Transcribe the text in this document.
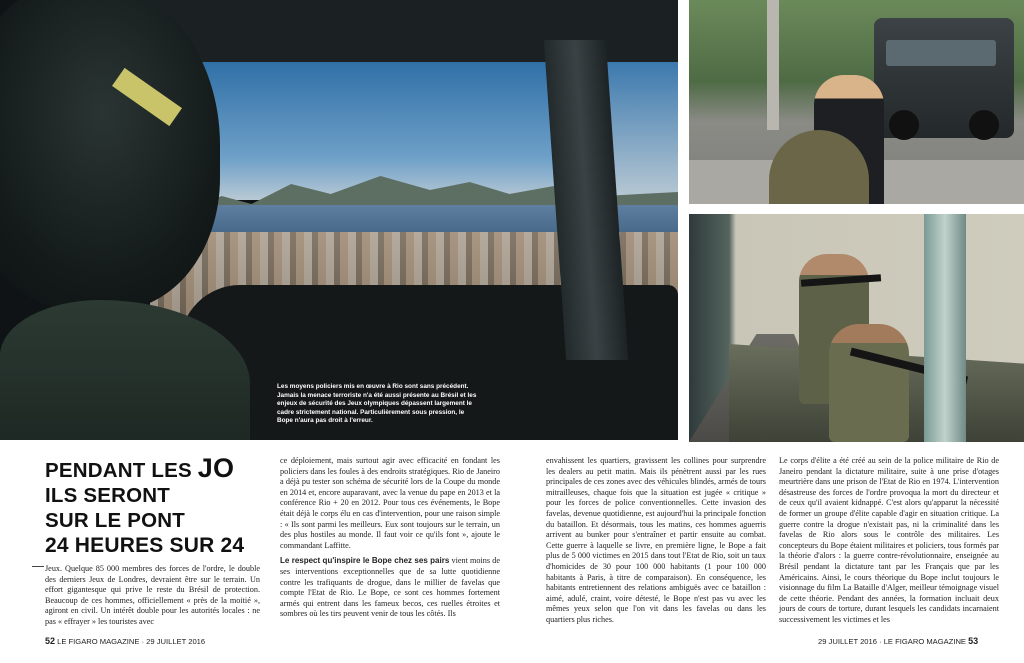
Les moyens policiers mis en œuvre à Rio sont sans précédent. Jamais la menace terroriste n'a été aussi présente au Brésil et les enjeux de sécurité des Jeux olympiques dépassent largement le cadre strictement national. Particulièrement sous pression, le Bope n'aura pas droit à l'erreur.
PENDANT LES JO
ILS SERONT
SUR LE PONT
24 HEURES SUR 24

Jeux. Quelque 85 000 membres des forces de l'ordre, le double des derniers Jeux de Londres, devraient être sur le terrain. Un effort gigantesque qui prive le reste du Brésil de protection. Beaucoup de ces hommes, officiellement « près de la moitié », agiront en civil. Un intérêt double pour les autorités locales : ne pas « effrayer » les touristes avec

ce déploiement, mais surtout agir avec efficacité en fondant les policiers dans les foules à des endroits stratégiques. Rio de Janeiro a déjà pu tester son schéma de sécurité lors de la Coupe du monde en 2014 et, encore auparavant, avec la venue du pape en 2013 et la conférence Rio + 20 en 2012. Pour tous ces événements, le Bope était déjà le corps élu en cas d'intervention, pour une raison simple : « Ils sont parmi les meilleurs. Eux sont toujours sur le terrain, un des plus hostiles au monde. Il faut voir ce qu'ils font », ajoute le commandant Laffitte.

Le respect qu'inspire le Bope chez ses pairs vient moins de ses interventions exceptionnelles que de sa lutte quotidienne contre les trafiquants de drogue, dans le millier de favelas que compte l'Etat de Rio. Le Bope, ce sont ces hommes fortement armés qui entrent dans les fameux becos, ces ruelles étroites et sombres où les tirs peuvent venir de tous les côtés. Ils

envahissent les quartiers, gravissent les collines pour surprendre les dealers au petit matin. Mais ils pénètrent aussi par les rues principales de ces zones avec des véhicules blindés, armés de tours mitrailleuses, chaque fois que la situation est jugée « critique » pour les forces de police conventionnelles. Cette invasion des favelas, devenue quotidienne, est aujourd'hui la principale fonction du bataillon. Et désormais, tous les matins, ces hommes aguerris arrivent au bunker pour s'entraîner et partir ensuite au combat. Cette guerre à laquelle se livre, en première ligne, le Bope a fait plus de 5 000 victimes en 2015 dans tout l'Etat de Rio, soit un taux d'homicides de 30 pour 100 000 habitants (1 pour 100 000 habitants à Paris, à titre de comparaison). En conséquence, les habitants entretiennent des relations ambiguës avec ce bataillon : aimé, adulé, craint, voire détesté, le Bope n'est pas vu avec les mêmes yeux selon que l'on vit dans les favelas ou dans les quartiers plus riches.

Le corps d'élite a été créé au sein de la police militaire de Rio de Janeiro pendant la dictature militaire, suite à une prise d'otages meurtrière dans une prison de l'Etat de Rio en 1974. L'intervention désastreuse des forces de l'ordre provoqua la mort du directeur et de ceux qu'il avaient kidnappé. C'est alors qu'apparut la nécessité de former un groupe d'élite capable d'agir en situation critique. La guerre contre la drogue n'existait pas, ni la criminalité dans les favelas de Rio alors sous le contrôle des militaires. Les concepteurs du Bope étaient militaires et policiers, tous formés par la théorie d'alors : la guerre contre-révolutionnaire, enseignée au Brésil pendant la dictature tant par les Français que par les Américains. Ainsi, le cours théorique du Bope inclut toujours le visionnage du film La Bataille d'Alger, meilleur témoignage visuel de cette théorie. Pendant des années, la formation incluait deux jours de cours de torture, durant lesquels les candidats incarnaient successivement les victimes et les

52 LE FIGARO MAGAZINE · 29 JUILLET 2016	29 JUILLET 2016 · LE FIGARO MAGAZINE 53
